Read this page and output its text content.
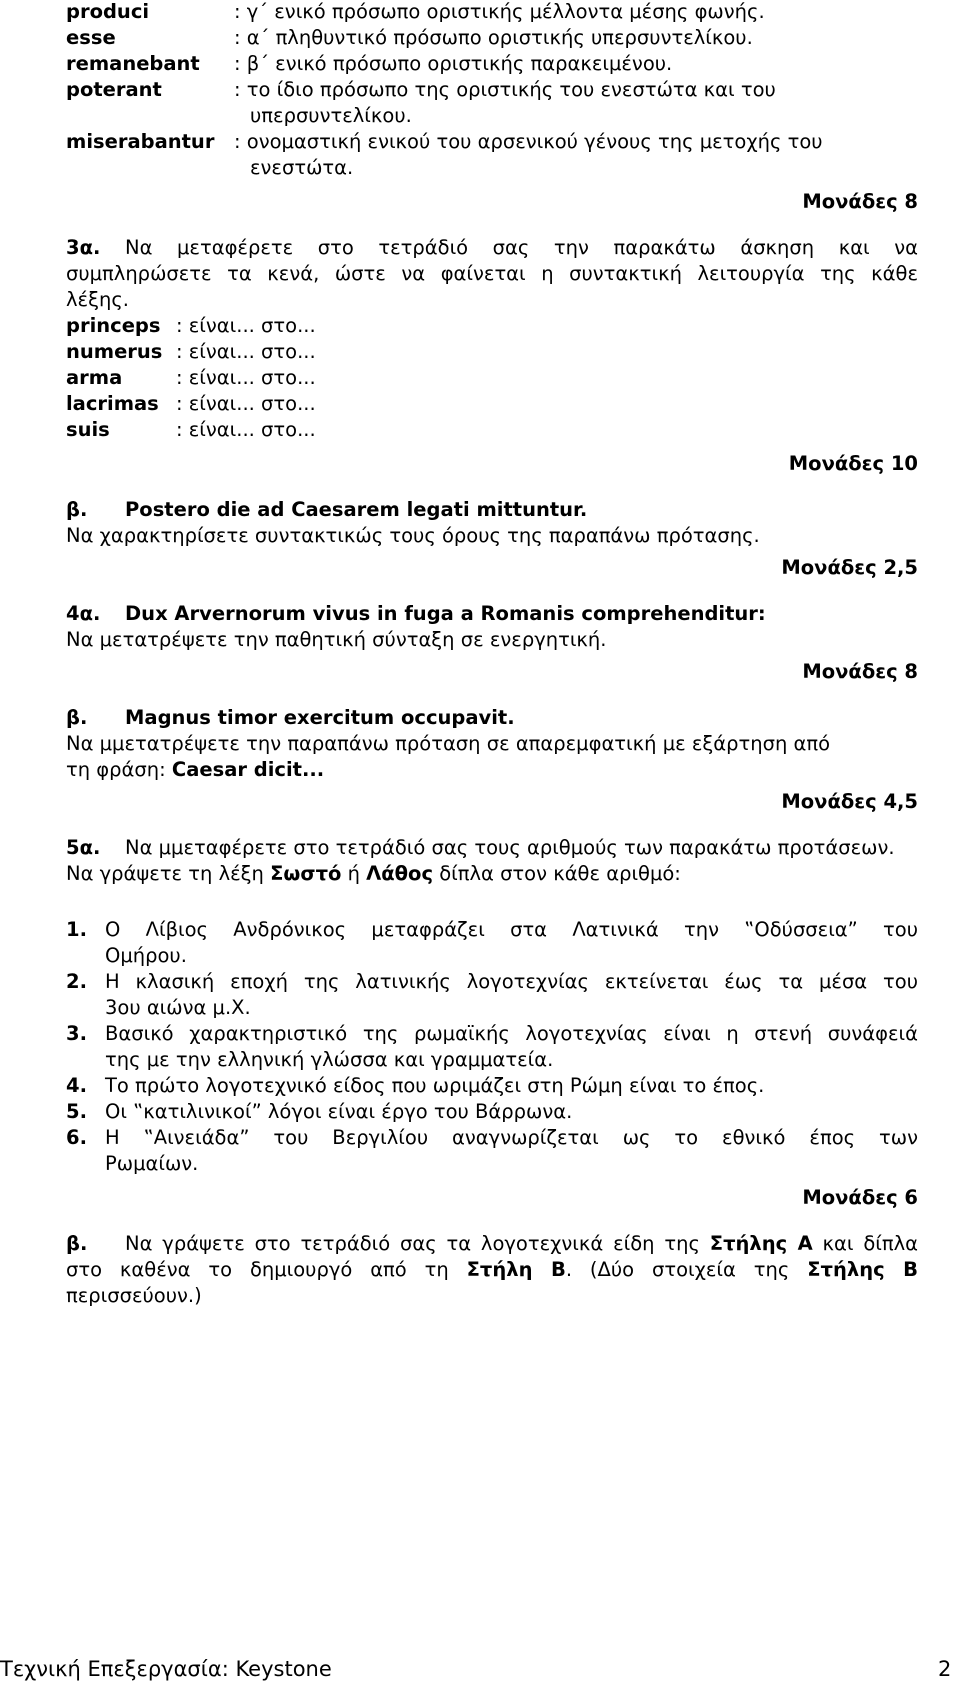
produci	: γ΄ ενικό πρόσωπο οριστικής μέλλοντα μέσης φωνής.
esse	: α΄ πληθυντικό πρόσωπο οριστικής υπερσυντελίκου.
remanebant : β΄ ενικό πρόσωπο οριστικής παρακειμένου.
poterant	: το ίδιο πρόσωπο της οριστικής του ενεστώτα και του
υπερσυντελίκου.
miserabantur : ονομαστική ενικού του αρσενικού γένους της μετοχής του
ενεστώτα.
Μονάδες 8
3α. Να μεταφέρετε στο τετράδιό σας την παρακάτω άσκηση και να
συμπληρώσετε τα κενά, ώστε να φαίνεται η συντακτική λειτουργία της κάθε
λέξης.
princeps : είναι... στο...
numerus : είναι... στο...
arma	: είναι... στο...
lacrimas : είναι... στο...
suis	: είναι... στο...
Μονάδες 10
β. Postero die ad Caesarem legati mittuntur.
Να χαρακτηρίσετε συντακτικώς τους όρους της παραπάνω πρότασης.
Μονάδες 2,5
4α. Dux Arvernorum vivus in fuga a Romanis comprehenditur:
Να μετατρέψετε την παθητική σύνταξη σε ενεργητική.
Μονάδες 8
β. Magnus timor exercitum occupavit.
Να μμετατρέψετε την παραπάνω πρόταση σε απαρεμφατική με εξάρτηση από
τη φράση: Caesar dicit...
Μονάδες 4,5
5α. Να μμεταφέρετε στο τετράδιό σας τους αριθμούς των παρακάτω προτάσεων.
Να γράψετε τη λέξη Σωστό ή Λάθος δίπλα στον κάθε αριθμό:
1. Ο Λίβιος Ανδρόνικος μεταφράζει στα Λατινικά την ‟Οδύσσεια” του
Ομήρου.
2. Η κλασική εποχή της λατινικής λογοτεχνίας εκτείνεται έως τα μέσα του
3ου αιώνα μ.Χ.
3. Βασικό χαρακτηριστικό της ρωμαϊκής λογοτεχνίας είναι η στενή συνάφειά
της με την ελληνική γλώσσα και γραμματεία.
4. Το πρώτο λογοτεχνικό είδος που ωριμάζει στη Ρώμη είναι το έπος.
5. Οι ‟κατιλινικοί” λόγοι είναι έργο του Βάρρωνα.
6. Η ‟Αινειάδα” του Βεργιλίου αναγνωρίζεται ως το εθνικό έπος των
Ρωμαίων.
Μονάδες 6
β.	Να γράψετε στο τετράδιό σας τα λογοτεχνικά είδη της Στήλης Α και δίπλα
στο καθένα το δημιουργό από τη Στήλη Β. (Δύο στοιχεία της Στήλης Β
περισσεύουν.)
Τεχνική Επεξεργασία: Keystone	2
